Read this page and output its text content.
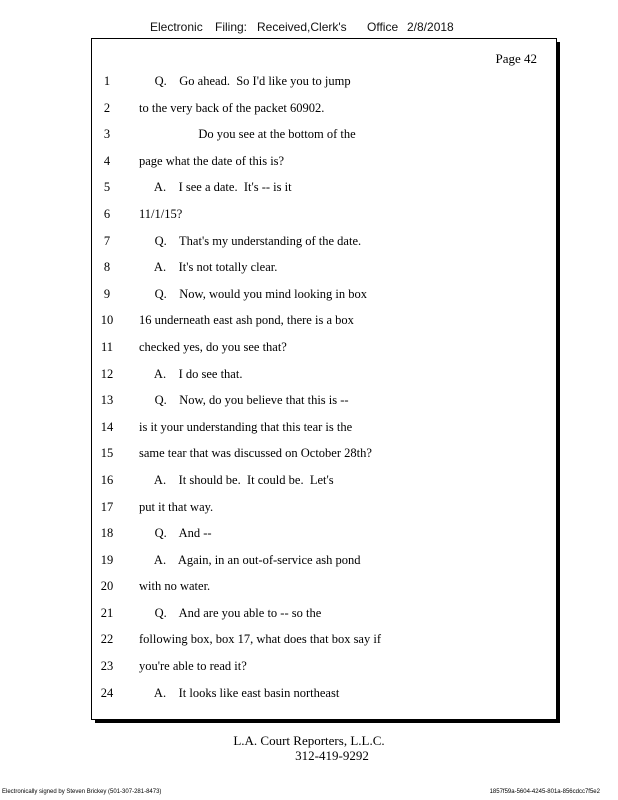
Electronic Filing: Received,Clerk's Office 2/8/2018
Page 42
1	Q.    Go ahead.  So I'd like you to jump
2	to the very back of the packet 60902.
3	Do you see at the bottom of the
4	page what the date of this is?
5	A.    I see a date.  It's -- is it
6	11/1/15?
7	Q.    That's my understanding of the date.
8	A.    It's not totally clear.
9	Q.    Now, would you mind looking in box
10	16 underneath east ash pond, there is a box
11	checked yes, do you see that?
12	A.    I do see that.
13	Q.    Now, do you believe that this is --
14	is it your understanding that this tear is the
15	same tear that was discussed on October 28th?
16	A.    It should be.  It could be.  Let's
17	put it that way.
18	Q.    And --
19	A.    Again, in an out-of-service ash pond
20	with no water.
21	Q.    And are you able to -- so the
22	following box, box 17, what does that box say if
23	you're able to read it?
24	A.    It looks like east basin northeast
L.A. Court Reporters, L.L.C.
312-419-9292
Electronically signed by Steven Brickey (501-307-281-8473)	1857f59a-5604-4245-801a-856cdcc7f5e2
